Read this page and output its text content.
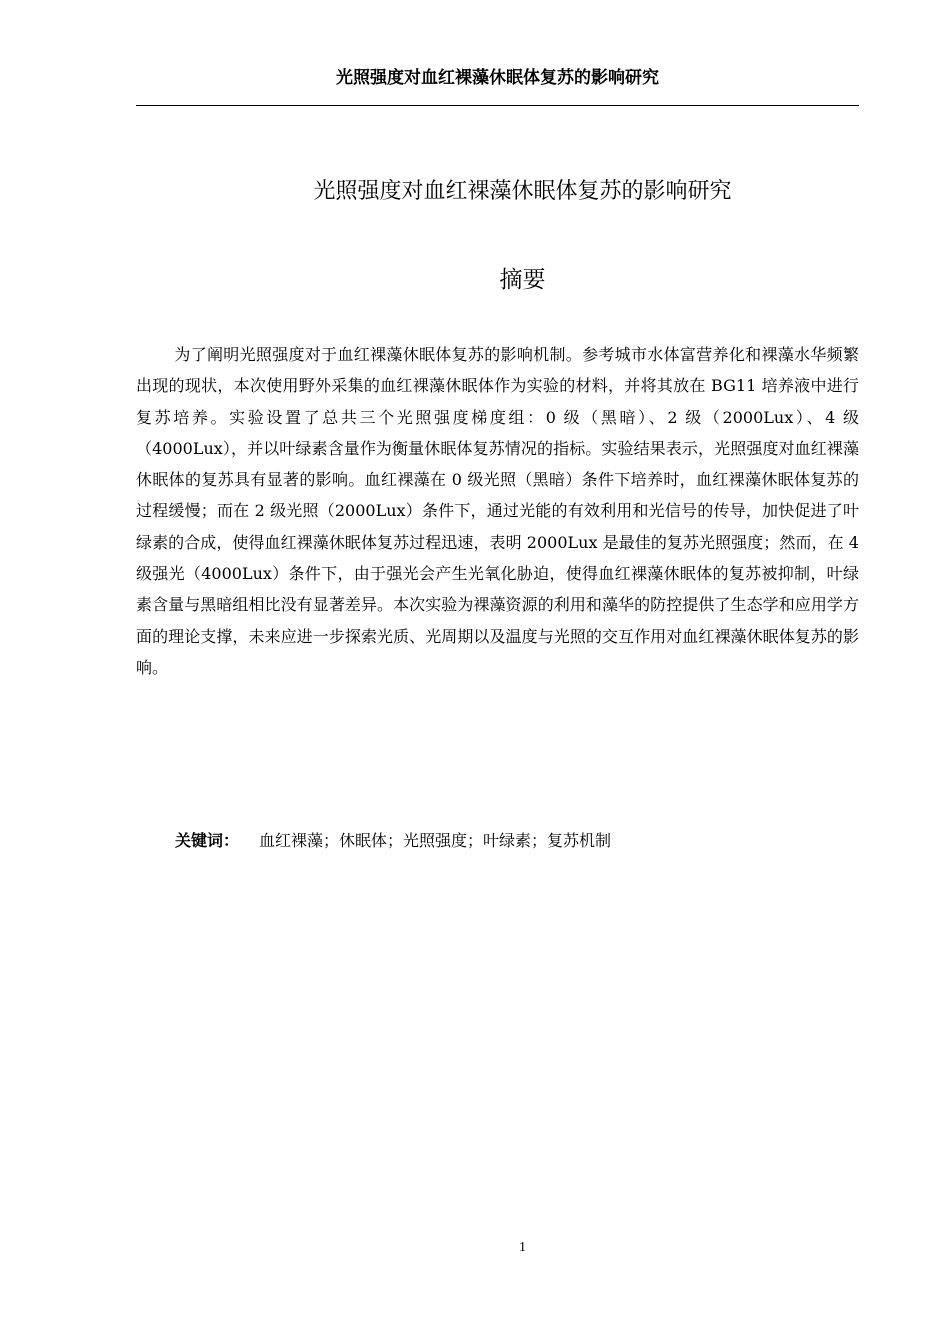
光照强度对血红裸藻休眠体复苏的影响研究
光照强度对血红裸藻休眠体复苏的影响研究
摘要

为了阐明光照强度对于血红裸藻休眠体复苏的影响机制。参考城市水体富营养化和裸藻水华频繁出现的现状，本次使用野外采集的血红裸藻休眠体作为实验的材料，并将其放在 BG11 培养液中进行复苏培养。实验设置了总共三个光照强度梯度组：0 级（黑暗）、2 级（2000Lux）、4 级（4000Lux），并以叶绿素含量作为衡量休眠体复苏情况的指标。实验结果表示，光照强度对血红裸藻休眠体的复苏具有显著的影响。血红裸藻在 0 级光照（黑暗）条件下培养时，血红裸藻休眠体复苏的过程缓慢；而在 2 级光照（2000Lux）条件下，通过光能的有效利用和光信号的传导，加快促进了叶绿素的合成，使得血红裸藻休眠体复苏过程迅速，表明 2000Lux 是最佳的复苏光照强度；然而，在 4 级强光（4000Lux）条件下，由于强光会产生光氧化胁迫，使得血红裸藻休眠体的复苏被抑制，叶绿素含量与黑暗组相比没有显著差异。本次实验为裸藻资源的利用和藻华的防控提供了生态学和应用学方面的理论支撑，未来应进一步探索光质、光周期以及温度与光照的交互作用对血红裸藻休眠体复苏的影响。

关键词： 血红裸藻；休眠体；光照强度；叶绿素；复苏机制
1
